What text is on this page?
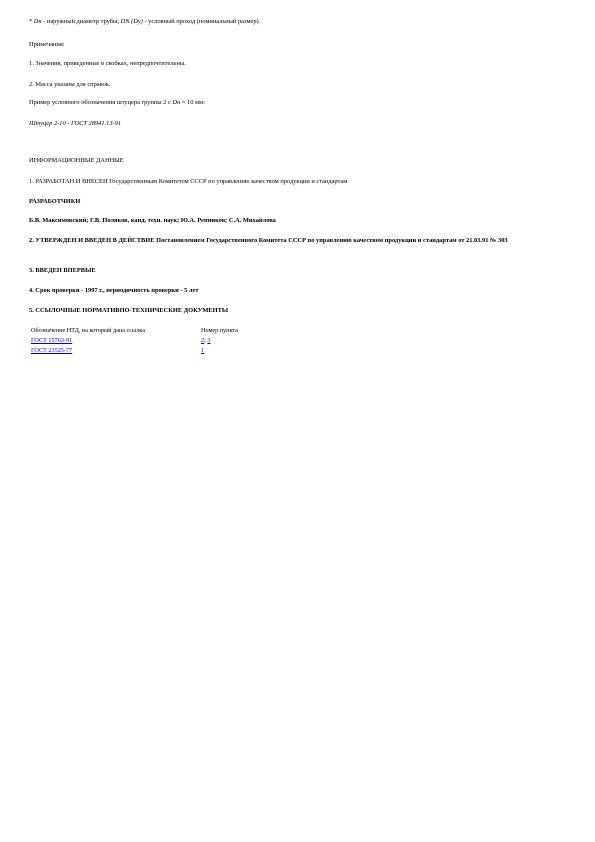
* Dн - наружный диаметр трубы; DN (Dу) - условный проход (номинальный размер).

Примечания:

1. Значения, приведенные в скобках, непредпочтительны.

2. Масса указана для справок.

Пример условного обозначения штуцера группы 2 с Dн = 10 мм:

Штуцер 2-10 - ГОСТ 28941.13-91

ИНФОРМАЦИОННЫЕ ДАННЫЕ

1. РАЗРАБОТАН И ВНЕСЕН Государственным Комитетом СССР по управлению качеством продукции и стандартам

РАЗРАБОТЧИКИ

Б.В. Максимовский; Г.В. Поляков, канд. техн. наук; Ю.А. Репников; С.А. Михайлова

2. УТВЕРЖДЕН И ВВЕДЕН В ДЕЙСТВИЕ Постановлением Государственного Комитета СССР по управлению качеством продукции и стандартам от 21.03.91 № 303

3. ВВЕДЕН ВПЕРВЫЕ

4. Срок проверки - 1997 г., периодичность проверки - 5 лет

5. ССЫЛОЧНЫЕ НОРМАТИВНО-ТЕХНИЧЕСКИЕ ДОКУМЕНТЫ

Обозначение НТД, на который дана ссылка	Номер пункта
ГОСТ 15763-91	2; 3
ГОСТ 23525-77	1
